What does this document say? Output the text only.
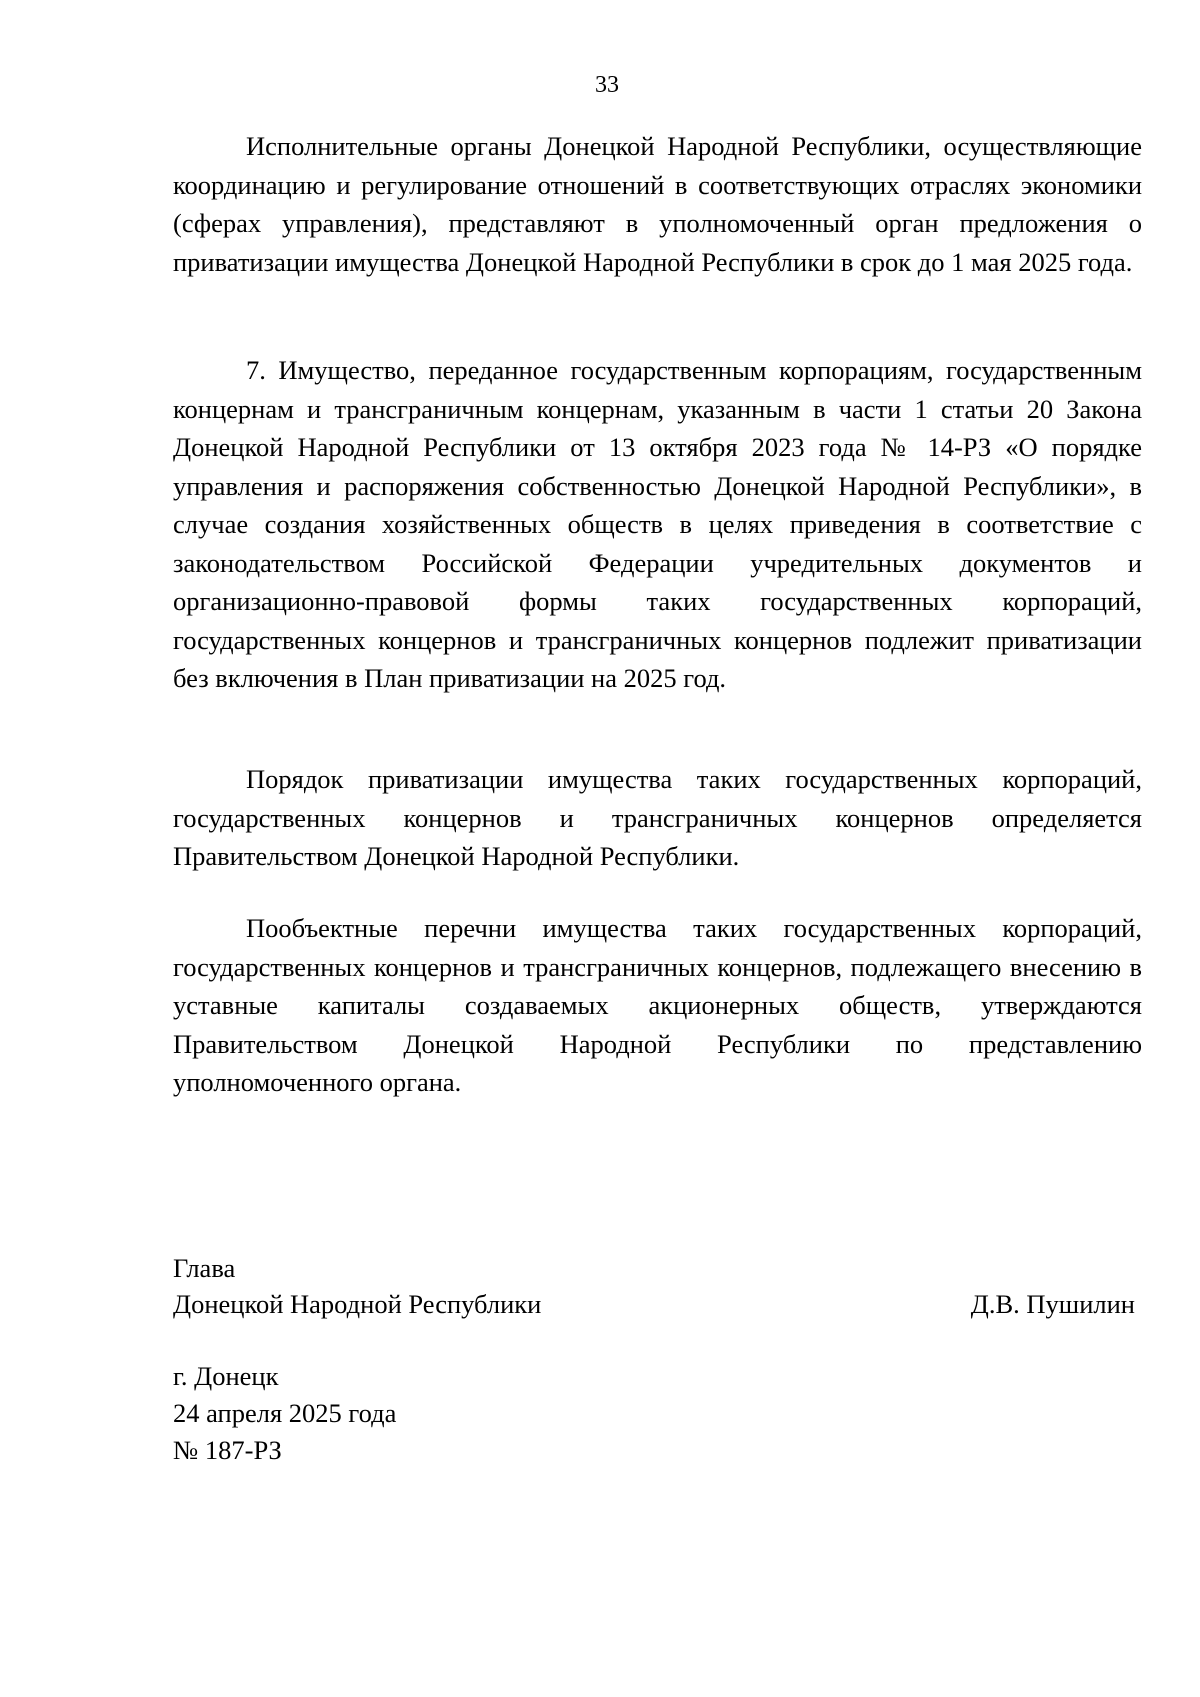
33

Исполнительные органы Донецкой Народной Республики, осуществляющие координацию и регулирование отношений в соответствующих отраслях экономики (сферах управления), представляют в уполномоченный орган предложения о приватизации имущества Донецкой Народной Республики в срок до 1 мая 2025 года.

7. Имущество, переданное государственным корпорациям, государственным концернам и трансграничным концернам, указанным в части 1 статьи 20 Закона Донецкой Народной Республики от 13 октября 2023 года № 14-РЗ «О порядке управления и распоряжения собственностью Донецкой Народной Республики», в случае создания хозяйственных обществ в целях приведения в соответствие с законодательством Российской Федерации учредительных документов и организационно-правовой формы таких государственных корпораций, государственных концернов и трансграничных концернов подлежит приватизации без включения в План приватизации на 2025 год.

Порядок приватизации имущества таких государственных корпораций, государственных концернов и трансграничных концернов определяется Правительством Донецкой Народной Республики.

Пообъектные перечни имущества таких государственных корпораций, государственных концернов и трансграничных концернов, подлежащего внесению в уставные капиталы создаваемых акционерных обществ, утверждаются Правительством Донецкой Народной Республики по представлению уполномоченного органа.

Глава
Донецкой Народной Республики	Д.В. Пушилин
г. Донецк
24 апреля 2025 года
№ 187-РЗ
